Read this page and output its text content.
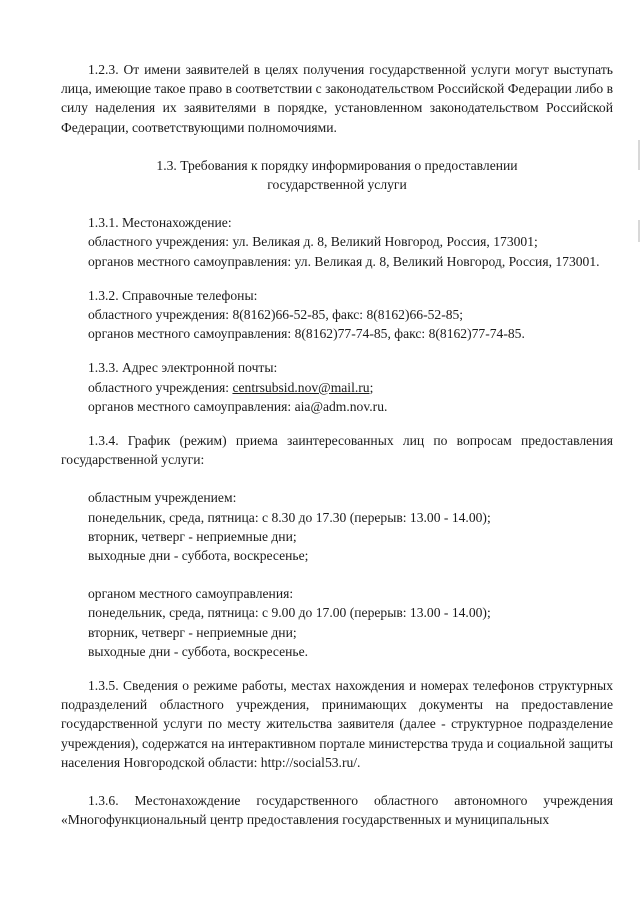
1.2.3. От имени заявителей в целях получения государственной услуги могут выступать лица, имеющие такое право в соответствии с законодательством Российской Федерации либо в силу наделения их заявителями в порядке, установленном законодательством Российской Федерации, соответствующими полномочиями.

1.3. Требования к порядку информирования о предоставлении государственной услуги

1.3.1. Местонахождение:

областного учреждения: ул. Великая д. 8, Великий Новгород, Россия, 173001;

органов местного самоуправления: ул. Великая д. 8, Великий Новгород, Россия, 173001.

1.3.2. Справочные телефоны:

областного учреждения: 8(8162)66-52-85, факс: 8(8162)66-52-85;

органов местного самоуправления: 8(8162)77-74-85, факс: 8(8162)77-74-85.

1.3.3. Адрес электронной почты:

областного учреждения: centrsubsid.nov@mail.ru;

органов местного самоуправления: aia@adm.nov.ru.

1.3.4. График (режим) приема заинтересованных лиц по вопросам предоставления государственной услуги:

областным учреждением:

понедельник, среда, пятница: с 8.30 до 17.30 (перерыв: 13.00 - 14.00);

вторник, четверг - неприемные дни;

выходные дни - суббота, воскресенье;

органом местного самоуправления:

понедельник, среда, пятница: с 9.00 до 17.00 (перерыв: 13.00 - 14.00);

вторник, четверг - неприемные дни;

выходные дни - суббота, воскресенье.

1.3.5. Сведения о режиме работы, местах нахождения и номерах телефонов структурных подразделений областного учреждения, принимающих документы на предоставление государственной услуги по месту жительства заявителя (далее - структурное подразделение учреждения), содержатся на интерактивном портале министерства труда и социальной защиты населения Новгородской области: http://social53.ru/.

1.3.6. Местонахождение государственного областного автономного учреждения «Многофункциональный центр предоставления государственных и муниципальных
